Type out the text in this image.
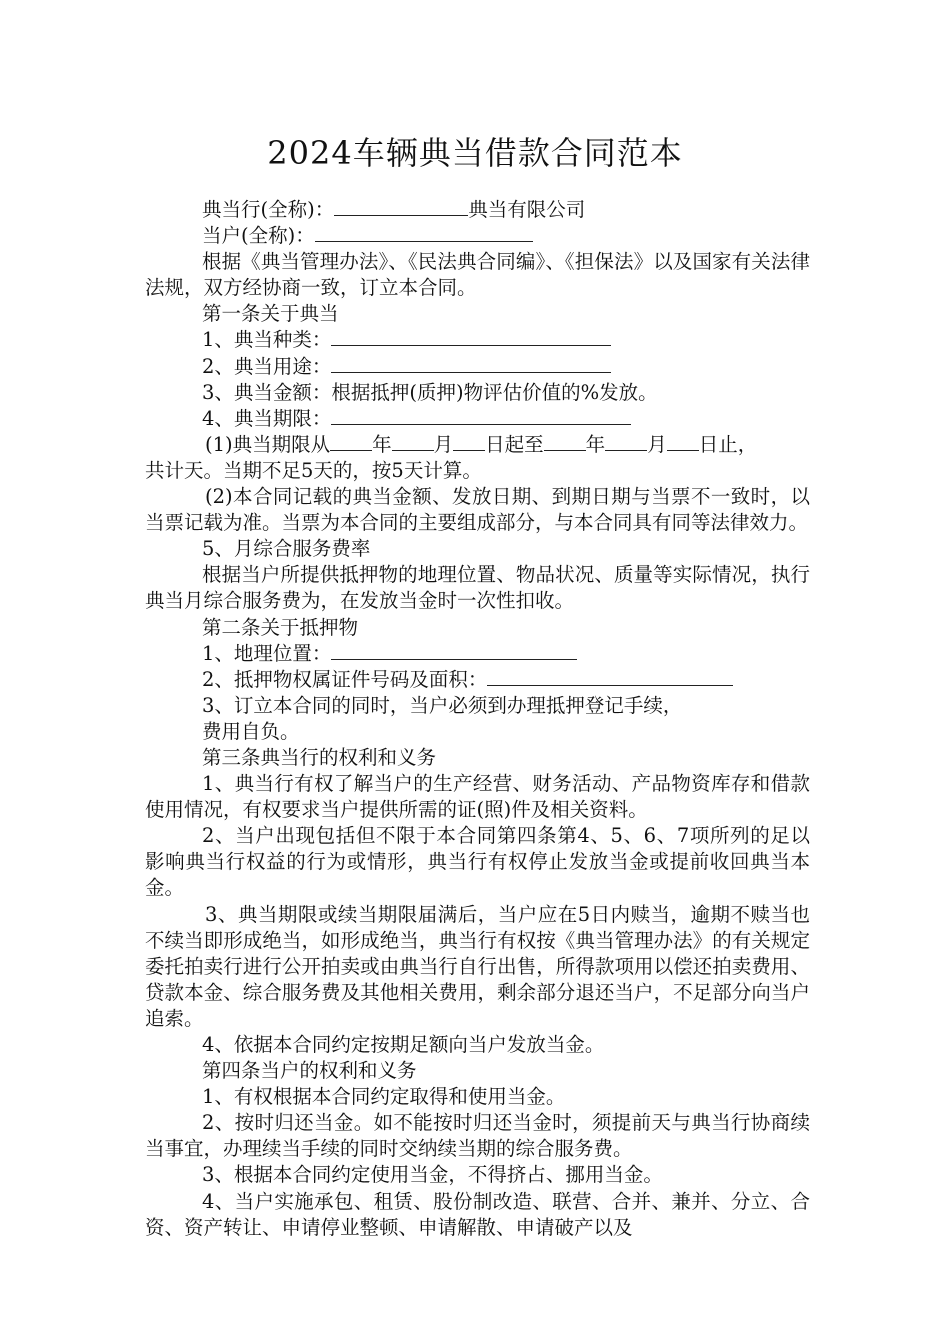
2024车辆典当借款合同范本

典当行(全称)：	典当有限公司

当户(全称)：

根据《典当管理办法》、《民法典合同编》、《担保法》以及国家有关法律法规，双方经协商一致，订立本合同。

第一条关于典当

1、典当种类：

2、典当用途：

3、典当金额：根据抵押(质押)物评估价值的%发放。

4、典当期限：

(1)典当期限从 年 月 日起至 年 月 日止，

共计天。当期不足5天的，按5天计算。

(2)本合同记载的典当金额、发放日期、到期日期与当票不一致时，以当票记载为准。当票为本合同的主要组成部分，与本合同具有同等法律效力。

5、月综合服务费率

根据当户所提供抵押物的地理位置、物品状况、质量等实际情况，执行典当月综合服务费为，在发放当金时一次性扣收。

第二条关于抵押物

1、地理位置：

2、抵押物权属证件号码及面积：

3、订立本合同的同时，当户必须到办理抵押登记手续，

费用自负。

第三条典当行的权利和义务

1、典当行有权了解当户的生产经营、财务活动、产品物资库存和借款使用情况，有权要求当户提供所需的证(照)件及相关资料。

2、当户出现包括但不限于本合同第四条第4、5、6、7项所列的足以影响典当行权益的行为或情形，典当行有权停止发放当金或提前收回典当本金。

3、典当期限或续当期限届满后，当户应在5日内赎当，逾期不赎当也不续当即形成绝当，如形成绝当，典当行有权按《典当管理办法》的有关规定委托拍卖行进行公开拍卖或由典当行自行出售，所得款项用以偿还拍卖费用、贷款本金、综合服务费及其他相关费用，剩余部分退还当户，不足部分向当户追索。

4、依据本合同约定按期足额向当户发放当金。

第四条当户的权利和义务

1、有权根据本合同约定取得和使用当金。

2、按时归还当金。如不能按时归还当金时，须提前天与典当行协商续当事宜，办理续当手续的同时交纳续当期的综合服务费。

3、根据本合同约定使用当金，不得挤占、挪用当金。

4、当户实施承包、租赁、股份制改造、联营、合并、兼并、分立、合资、资产转让、申请停业整顿、申请解散、申请破产以及
